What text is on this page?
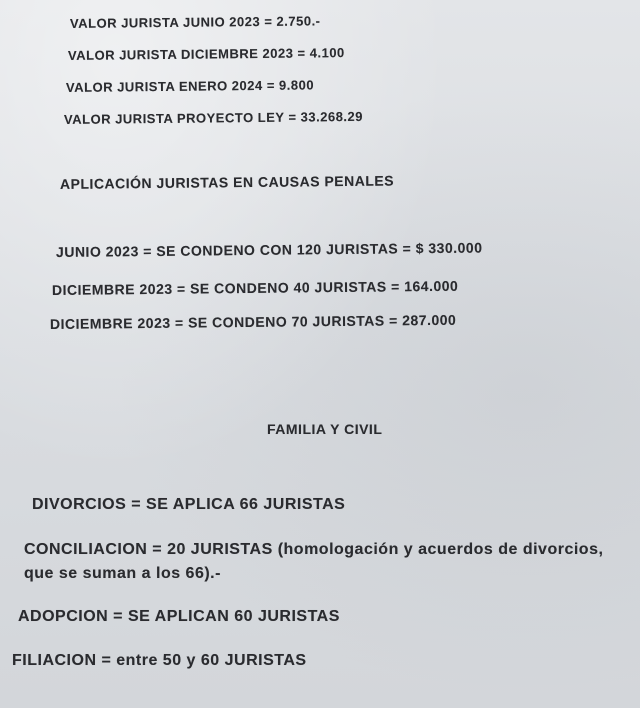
VALOR JURISTA JUNIO 2023 = 2.750.-
VALOR JURISTA DICIEMBRE 2023 = 4.100
VALOR JURISTA ENERO 2024 = 9.800
VALOR JURISTA PROYECTO LEY = 33.268.29
APLICACIÓN JURISTAS EN CAUSAS PENALES
JUNIO 2023 = SE CONDENO CON 120 JURISTAS = $ 330.000
DICIEMBRE 2023 = SE CONDENO 40 JURISTAS = 164.000
DICIEMBRE 2023 = SE CONDENO 70 JURISTAS = 287.000
FAMILIA Y CIVIL
DIVORCIOS = SE APLICA 66 JURISTAS
CONCILIACION = 20 JURISTAS (homologación y acuerdos de divorcios, que se suman a los 66).-
ADOPCION = SE APLICAN 60 JURISTAS
FILIACION = entre 50 y 60 JURISTAS
